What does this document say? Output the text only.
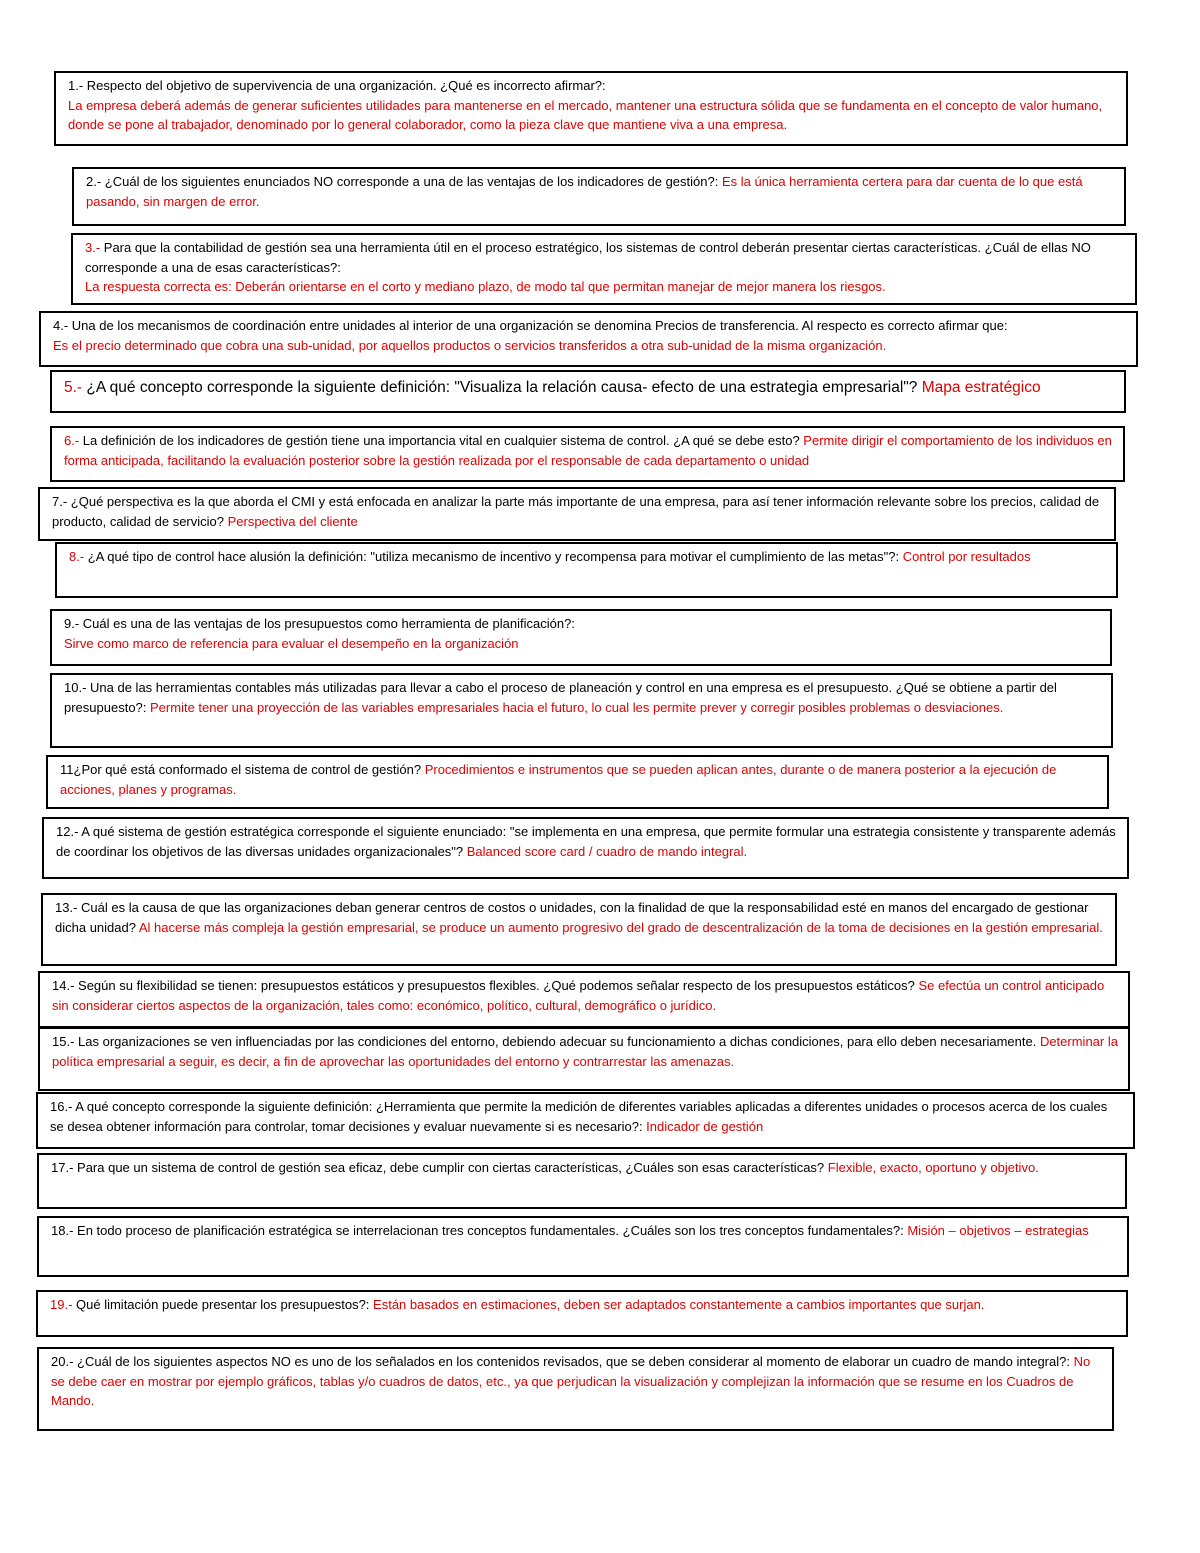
1.- Respecto del objetivo de supervivencia de una organización. ¿Qué es incorrecto afirmar?:
La empresa deberá además de generar suficientes utilidades para mantenerse en el mercado, mantener una estructura sólida que se fundamenta en el concepto de valor humano, donde se pone al trabajador, denominado por lo general colaborador, como la pieza clave que mantiene viva a una empresa.
2.- ¿Cuál de los siguientes enunciados NO corresponde a una de las ventajas de los indicadores de gestión?: Es la única herramienta certera para dar cuenta de lo que está pasando, sin margen de error.
3.- Para que la contabilidad de gestión sea una herramienta útil en el proceso estratégico, los sistemas de control deberán presentar ciertas características. ¿Cuál de ellas NO corresponde a una de esas características?:
La respuesta correcta es: Deberán orientarse en el corto y mediano plazo, de modo tal que permitan manejar de mejor manera los riesgos.
4.- Una de los mecanismos de coordinación entre unidades al interior de una organización se denomina Precios de transferencia. Al respecto es correcto afirmar que:
Es el precio determinado que cobra una sub-unidad, por aquellos productos o servicios transferidos a otra sub-unidad de la misma organización.
5.- ¿A qué concepto corresponde la siguiente definición: "Visualiza la relación causa- efecto de una estrategia empresarial"? Mapa estratégico
6.- La definición de los indicadores de gestión tiene una importancia vital en cualquier sistema de control. ¿A qué se debe esto? Permite dirigir el comportamiento de los individuos en forma anticipada, facilitando la evaluación posterior sobre la gestión realizada por el responsable de cada departamento o unidad
7.- ¿Qué perspectiva es la que aborda el CMI y está enfocada en analizar la parte más importante de una empresa, para así tener información relevante sobre los precios, calidad de producto, calidad de servicio? Perspectiva del cliente
8.- ¿A qué tipo de control hace alusión la definición: "utiliza mecanismo de incentivo y recompensa para motivar el cumplimiento de las metas"?: Control por resultados
9.- Cuál es una de las ventajas de los presupuestos como herramienta de planificación?:
Sirve como marco de referencia para evaluar el desempeño en la organización
10.- Una de las herramientas contables más utilizadas para llevar a cabo el proceso de planeación y control en una empresa es el presupuesto. ¿Qué se obtiene a partir del presupuesto?: Permite tener una proyección de las variables empresariales hacia el futuro, lo cual les permite prever y corregir posibles problemas o desviaciones.
11¿Por qué está conformado el sistema de control de gestión? Procedimientos e instrumentos que se pueden aplican antes, durante o de manera posterior a la ejecución de acciones, planes y programas.
12.- A qué sistema de gestión estratégica corresponde el siguiente enunciado: "se implementa en una empresa, que permite formular una estrategia consistente y transparente además de coordinar los objetivos de las diversas unidades organizacionales"? Balanced score card / cuadro de mando integral.
13.- Cuál es la causa de que las organizaciones deban generar centros de costos o unidades, con la finalidad de que la responsabilidad esté en manos del encargado de gestionar dicha unidad? Al hacerse más compleja la gestión empresarial, se produce un aumento progresivo del grado de descentralización de la toma de decisiones en la gestión empresarial.
14.- Según su flexibilidad se tienen: presupuestos estáticos y presupuestos flexibles. ¿Qué podemos señalar respecto de los presupuestos estáticos? Se efectúa un control anticipado sin considerar ciertos aspectos de la organización, tales como: económico, político, cultural, demográfico o jurídico.
15.- Las organizaciones se ven influenciadas por las condiciones del entorno, debiendo adecuar su funcionamiento a dichas condiciones, para ello deben necesariamente. Determinar la política empresarial a seguir, es decir, a fin de aprovechar las oportunidades del entorno y contrarrestar las amenazas.
16.- A qué concepto corresponde la siguiente definición: ¿Herramienta que permite la medición de diferentes variables aplicadas a diferentes unidades o procesos acerca de los cuales se desea obtener información para controlar, tomar decisiones y evaluar nuevamente si es necesario?: Indicador de gestión
17.- Para que un sistema de control de gestión sea eficaz, debe cumplir con ciertas características, ¿Cuáles son esas características? Flexible, exacto, oportuno y objetivo.
18.- En todo proceso de planificación estratégica se interrelacionan tres conceptos fundamentales. ¿Cuáles son los tres conceptos fundamentales?: Misión – objetivos – estrategias
19.- Qué limitación puede presentar los presupuestos?: Están basados en estimaciones, deben ser adaptados constantemente a cambios importantes que surjan.
20.- ¿Cuál de los siguientes aspectos NO es uno de los señalados en los contenidos revisados, que se deben considerar al momento de elaborar un cuadro de mando integral?: No se debe caer en mostrar por ejemplo gráficos, tablas y/o cuadros de datos, etc., ya que perjudican la visualización y complejizan la información que se resume en los Cuadros de Mando.
